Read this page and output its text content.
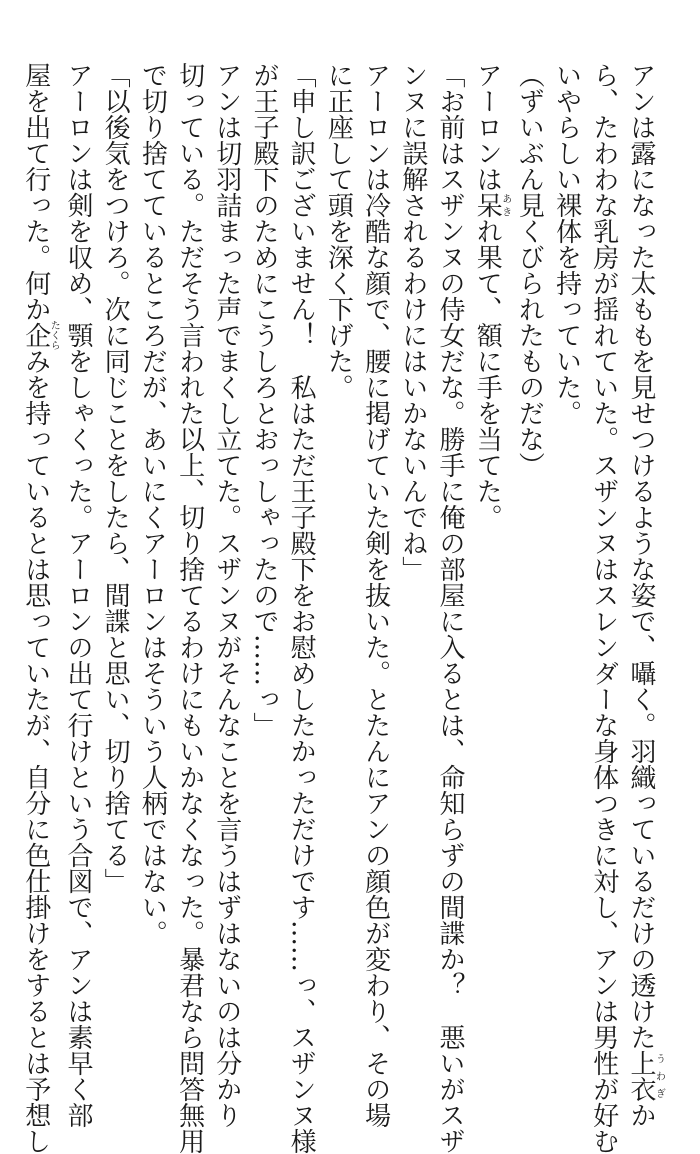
アンは露になった太ももを見せつけるような姿で、囁く。羽織っているだけの透けた上衣うわぎか
ら、たわわな乳房が揺れていた。スザンヌはスレンダーな身体つきに対し、アンは男性が好む
いやらしい裸体を持っていた。
（ずいぶん見くびられたものだな）
アーロンは呆あきれ果て、額に手を当てた。
「お前はスザンヌの侍女だな。勝手に俺の部屋に入るとは、命知らずの間諜か？　悪いがスザ
ンヌに誤解されるわけにはいかないんでね」
アーロンは冷酷な顔で、腰に掲げていた剣を抜いた。とたんにアンの顔色が変わり、その場
に正座して頭を深く下げた。
「申し訳ございません！　私はただ王子殿下をお慰めしたかっただけです……っ、スザンヌ様
が王子殿下のためにこうしろとおっしゃったので……っ」
アンは切羽詰まった声でまくし立てた。スザンヌがそんなことを言うはずはないのは分かり
切っている。ただそう言われた以上、切り捨てるわけにもいかなくなった。暴君なら問答無用
で切り捨てているところだが、あいにくアーロンはそういう人柄ではない。
「以後気をつけろ。次に同じことをしたら、間諜と思い、切り捨てる」
アーロンは剣を収め、顎をしゃくった。アーロンの出て行けという合図で、アンは素早く部
屋を出て行った。何か企たくらみを持っているとは思っていたが、自分に色仕掛けをするとは予想し
